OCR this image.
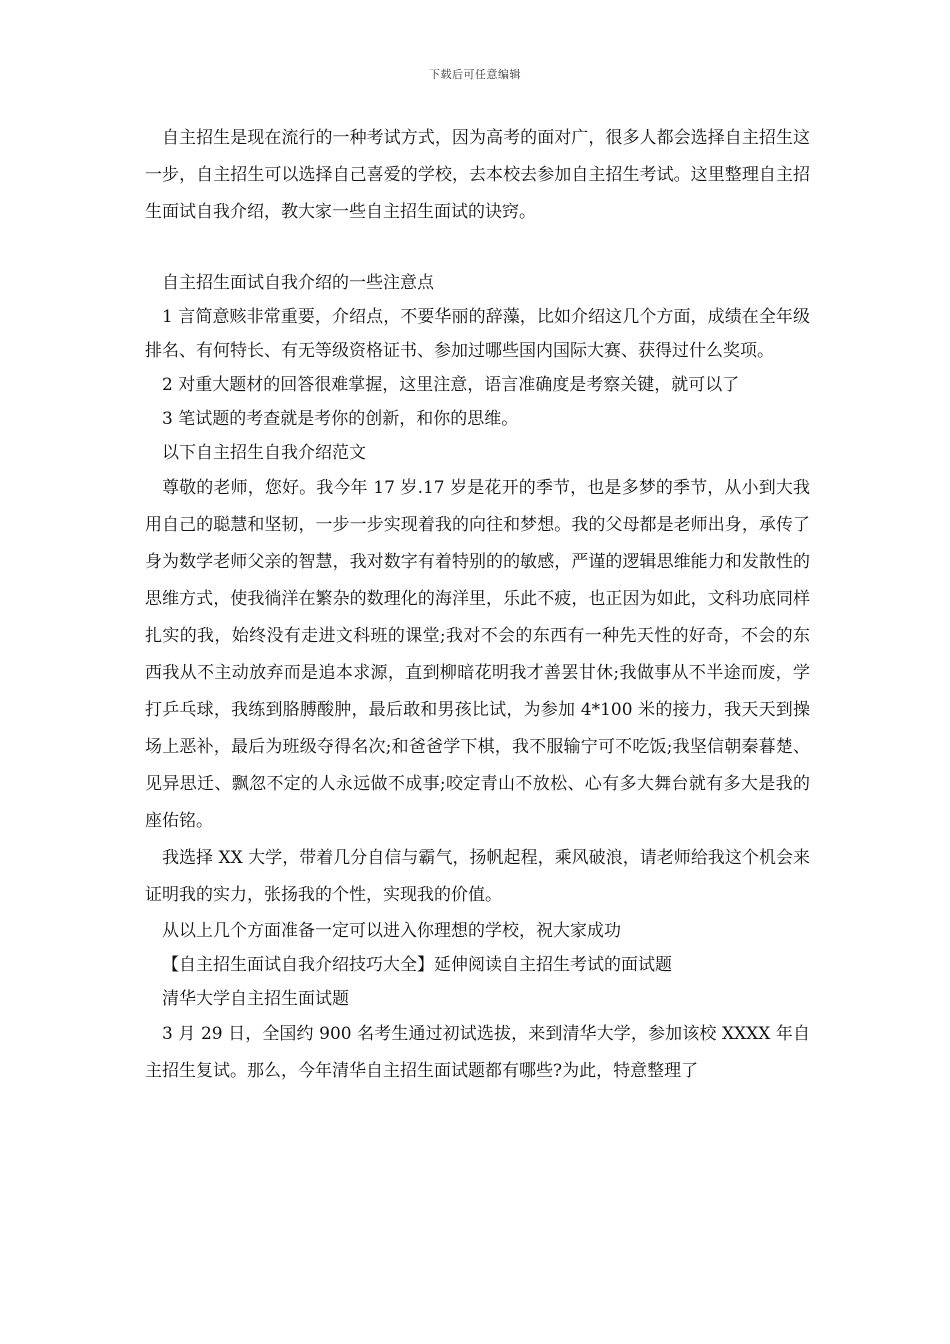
下载后可任意编辑

自主招生是现在流行的一种考试方式，因为高考的面对广，很多人都会选择自主招生这一步，自主招生可以选择自己喜爱的学校，去本校去参加自主招生考试。这里整理自主招生面试自我介绍，教大家一些自主招生面试的诀窍。

自主招生面试自我介绍的一些注意点

1 言简意赅非常重要，介绍点，不要华丽的辞藻，比如介绍这几个方面，成绩在全年级排名、有何特长、有无等级资格证书、参加过哪些国内国际大赛、获得过什么奖项。

2 对重大题材的回答很难掌握，这里注意，语言准确度是考察关键，就可以了

3 笔试题的考查就是考你的创新，和你的思维。

以下自主招生自我介绍范文

尊敬的老师，您好。我今年 17 岁.17 岁是花开的季节，也是多梦的季节，从小到大我用自己的聪慧和坚韧，一步一步实现着我的向往和梦想。我的父母都是老师出身，承传了身为数学老师父亲的智慧，我对数字有着特别的的敏感，严谨的逻辑思维能力和发散性的思维方式，使我徜洋在繁杂的数理化的海洋里，乐此不疲，也正因为如此，文科功底同样扎实的我，始终没有走进文科班的课堂;我对不会的东西有一种先天性的好奇，不会的东西我从不主动放弃而是追本求源，直到柳暗花明我才善罢甘休;我做事从不半途而废，学打乒乓球，我练到胳膊酸肿，最后敢和男孩比试，为参加 4*100 米的接力，我天天到操场上恶补，最后为班级夺得名次;和爸爸学下棋，我不服输宁可不吃饭;我坚信朝秦暮楚、见异思迁、飘忽不定的人永远做不成事;咬定青山不放松、心有多大舞台就有多大是我的座佑铭。

我选择 XX 大学，带着几分自信与霸气，扬帆起程，乘风破浪，请老师给我这个机会来证明我的实力，张扬我的个性，实现我的价值。

从以上几个方面准备一定可以进入你理想的学校，祝大家成功

【自主招生面试自我介绍技巧大全】延伸阅读自主招生考试的面试题

清华大学自主招生面试题

3 月 29 日，全国约 900 名考生通过初试选拔，来到清华大学，参加该校 XXXX 年自主招生复试。那么，今年清华自主招生面试题都有哪些?为此，特意整理了
